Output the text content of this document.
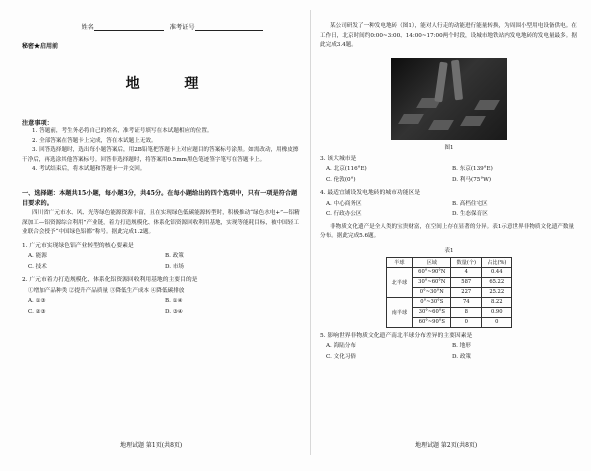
姓名	准考证号
秘密★启用前
地 理
注意事项：
1. 答题前，考生务必将自己的姓名，准考证号填写在本试题相应的位置。
2. 全部答案在答题卡上完成，答在本试题上无效。
3. 回答选择题时，选出每小题答案后，用2B铅笔把答题卡上对应题目的答案标号涂黑。如需改动，用橡皮擦干净后，再选涂其他答案标号。回答非选择题时，将答案用0.5mm黑色笔迹签字笔写在答题卡上。
4. 考试结束后，将本试题和答题卡一并交回。
一、选择题：本题共15小题，每小题3分，共45分。在每小题给出的四个选项中，只有一项是符合题目要求的。
四川省广元市水、风、光等绿色能源资源丰富，且在实现绿色低碳能源转型时，积极推动“绿色水电+”—铝精深加工—铝资源综合利用”产业链，着力打造规模化、体系化铝资源回收利用基地，实现等能耗目标，被中国轻工业联合会授予“中国绿色铝都”称号。据此完成1.2题。
1. 广元市实现绿色铝产业转型的核心要素是
A. 能源	B. 政策
C. 技术	D. 市场
2. 广元市着力打造规模化、体系化铝资源回收利用基地的主要目的是
①增加产品种类 ②提升产品质量 ③降低生产成本 ④降低碳排放
A. ①③	B. ①④
C. ②③	D. ③④
某公司研发了一种发电地砖（图1），能对人行走的动能进行能量转换，为周围小型用电设备供电。在工作日，北京时间约0:00~3:00、14:00~17:00两个时段，设城市地铁站内发电地砖的发电量最多。据此完成3.4题。
图1
3. 该大城市是
A. 北京(116°E)	B. 东京(139°E)
C. 伦敦(0°)	D. 利马(75°W)
4. 最适宜铺设发电地砖的城市功能区是
A. 中心商务区	B. 高档住宅区
C. 行政办公区	D. 生态保育区
非物质文化遗产是全人类的宝贵财富，在空间上存在显著的分异。表1示意世界非物质文化遗产数量分布。据此完成5.6题。
表1
半球	区域	数量(个)	占比(%)
北半球	60°~90°N	4	0.44
	30°~60°N	587	65.22
	0°~30°N	227	25.22
南半球	0°~30°S	74	8.22
	30°~60°S	8	0.90
	60°~90°S	0	0
5. 影响世界非物质文化遗产南北半球分布差异的主要因素是
A. 海陆分布	B. 地形
C. 文化习俗	D. 政策
地理试题 第1页(共8页)	地理试题 第2页(共8页)
